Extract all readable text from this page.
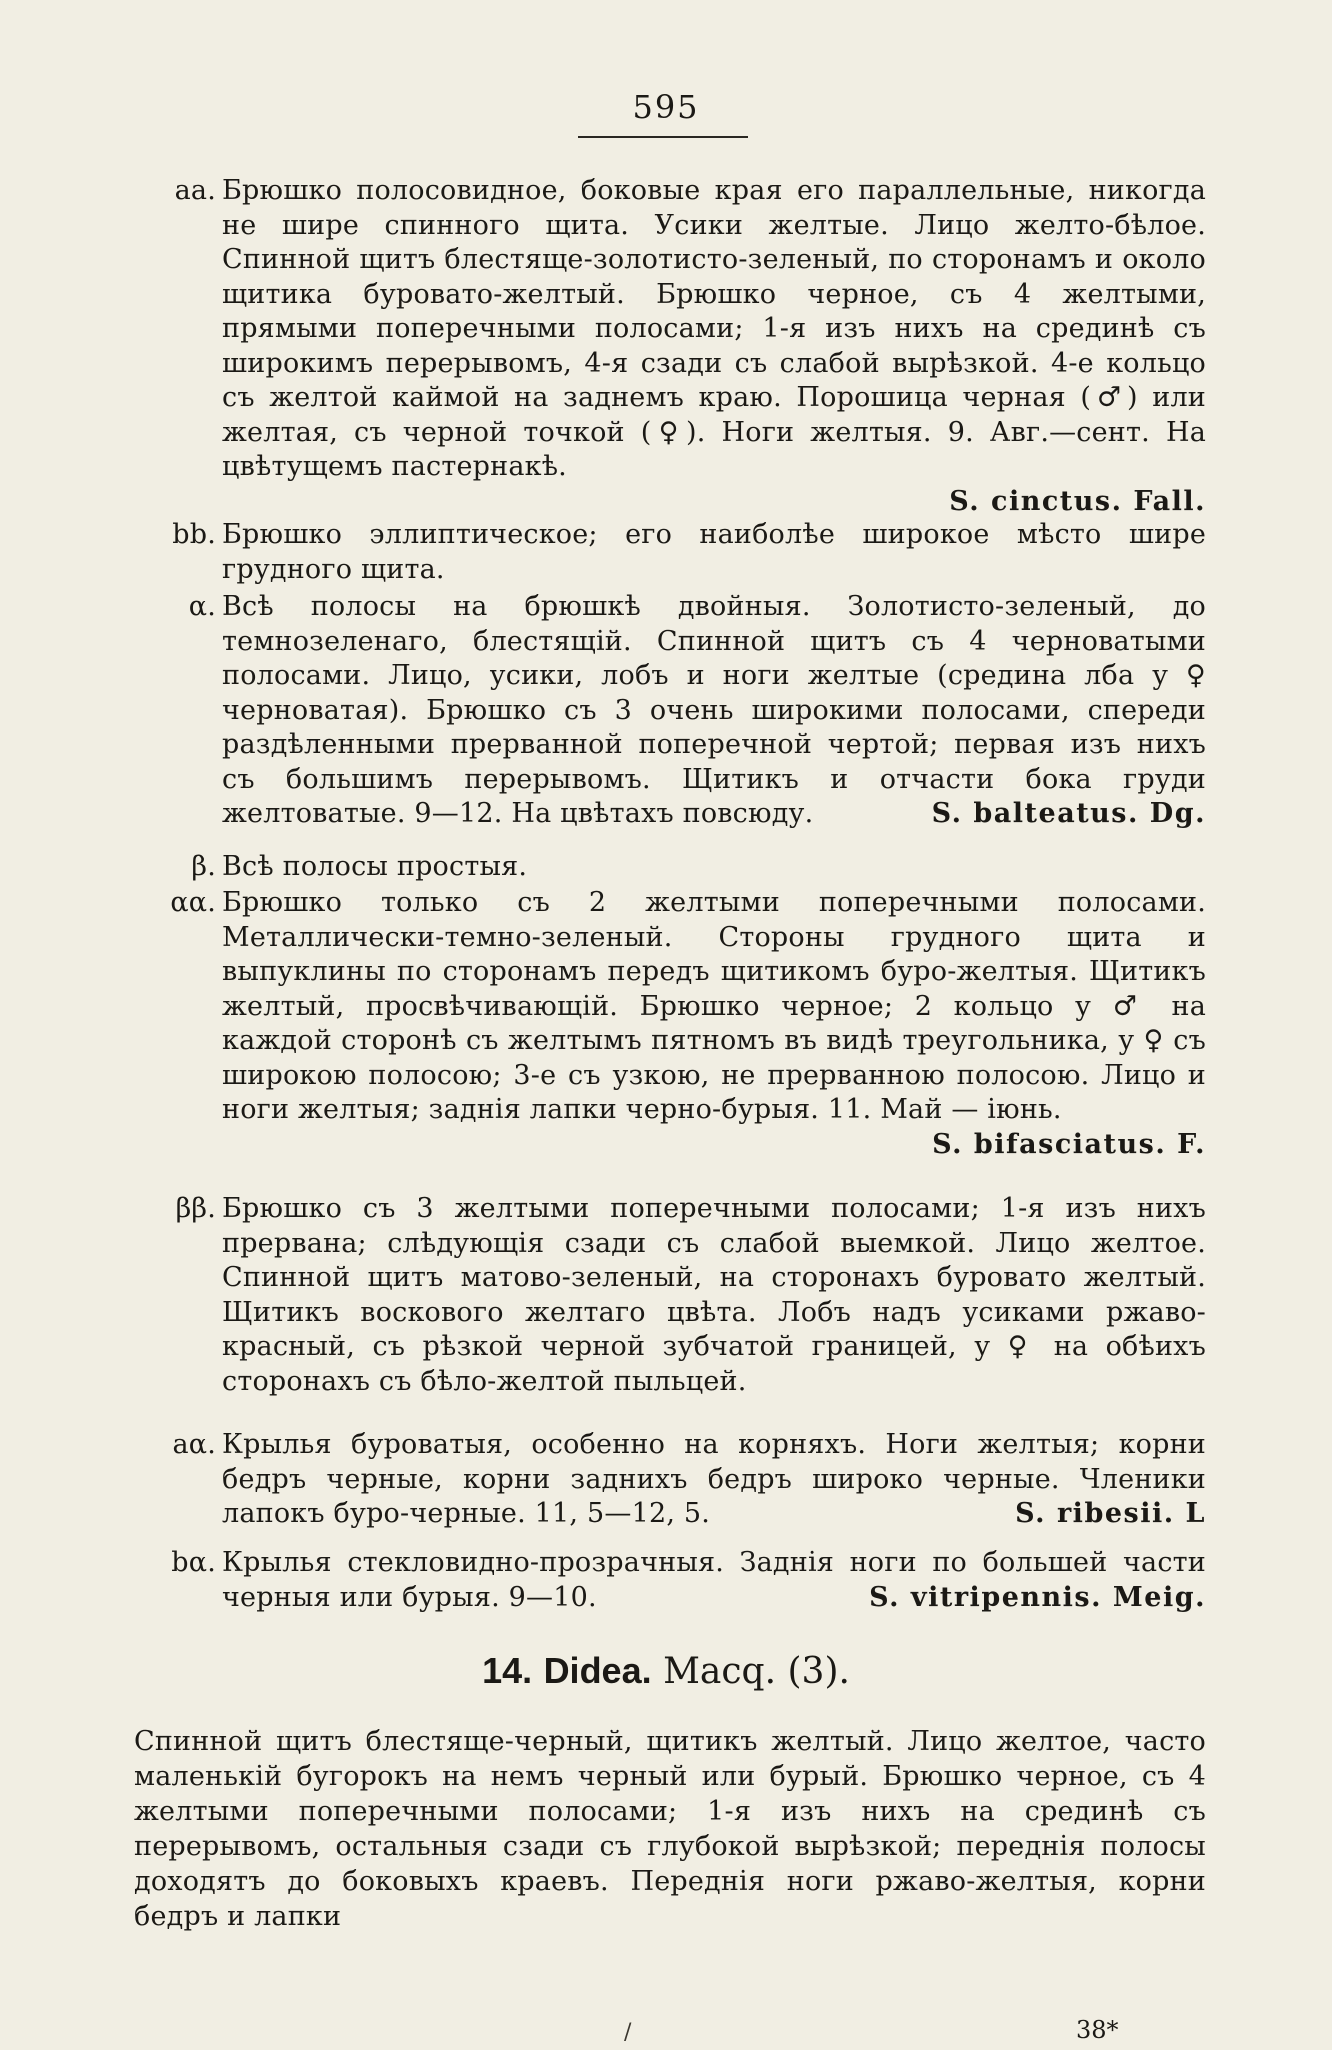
595
aa. Брюшко полосовидное, боковые края его параллельные, никогда не шире спинного щита. Усики желтые. Лицо желто-бѣлое. Спинной щитъ блестяще-золотисто-зеленый, по сторонамъ и около щитика буровато-желтый. Брюшко черное, съ 4 желтыми, прямыми поперечными полосами; 1-я изъ нихъ на срединѣ съ широкимъ перерывомъ, 4-я сзади съ слабой вырѣзкой. 4-е кольцо съ желтой каймой на заднемъ краю. Порошица черная (♂) или желтая, съ черной точкой (♀). Ноги желтыя. 9. Авг.—сент. На цвѣтущемъ пастернакѣ.
S. cinctus. Fall.
bb. Брюшко эллиптическое; его наиболѣе широкое мѣсто шире грудного щита.
α. Всѣ полосы на брюшкѣ двойныя. Золотисто-зеленый, до темнозеленаго, блестящій. Спинной щитъ съ 4 черноватыми полосами. Лицо, усики, лобъ и ноги желтые (средина лба у ♀ черноватая). Брюшко съ 3 очень широкими полосами, спереди раздѣленными прерванной поперечной чертой; первая изъ нихъ съ большимъ перерывомъ. Щитикъ и отчасти бока груди желтоватые. 9—12. На цвѣтахъ повсюду.	S. balteatus. Dg.
β. Всѣ полосы простыя.
αα. Брюшко только съ 2 желтыми поперечными полосами. Металлически-темно-зеленый. Стороны грудного щита и выпуклины по сторонамъ передъ щитикомъ буро-желтыя. Щитикъ желтый, просвѣчивающій. Брюшко черное; 2 кольцо у ♂ на каждой сторонѣ съ желтымъ пятномъ въ видѣ треугольника, у ♀ съ широкою полосою; 3-е съ узкою, не прерванною полосою. Лицо и ноги желтыя; заднія лапки черно-бурыя. 11. Май — іюнь.
S. bifasciatus. F.
ββ. Брюшко съ 3 желтыми поперечными полосами; 1-я изъ нихъ прервана; слѣдующія сзади съ слабой выемкой. Лицо желтое. Спинной щитъ матово-зеленый, на сторонахъ буровато желтый. Щитикъ воскового желтаго цвѣта. Лобъ надъ усиками ржаво-красный, съ рѣзкой черной зубчатой границей, у ♀ на обѣихъ сторонахъ съ бѣло-желтой пыльцей.
aα. Крылья буроватыя, особенно на корняхъ. Ноги желтыя; корни бедръ черные, корни заднихъ бедръ широко черные. Членики лапокъ буро-черные. 11, 5—12, 5.	S. ribesii. L
bα. Крылья стекловидно-прозрачныя. Заднія ноги по большей части черныя или бурыя. 9—10.	S. vitripennis. Meig.
14. Didea. Macq. (3).
Спинной щитъ блестяще-черный, щитикъ желтый. Лицо желтое, часто маленькій бугорокъ на немъ черный или бурый. Брюшко черное, съ 4 желтыми поперечными полосами; 1-я изъ нихъ на срединѣ съ перерывомъ, остальныя сзади съ глубокой вырѣзкой; переднія полосы доходятъ до боковыхъ краевъ. Переднія ноги ржаво-желтыя, корни бедръ и лапки
/	38*
